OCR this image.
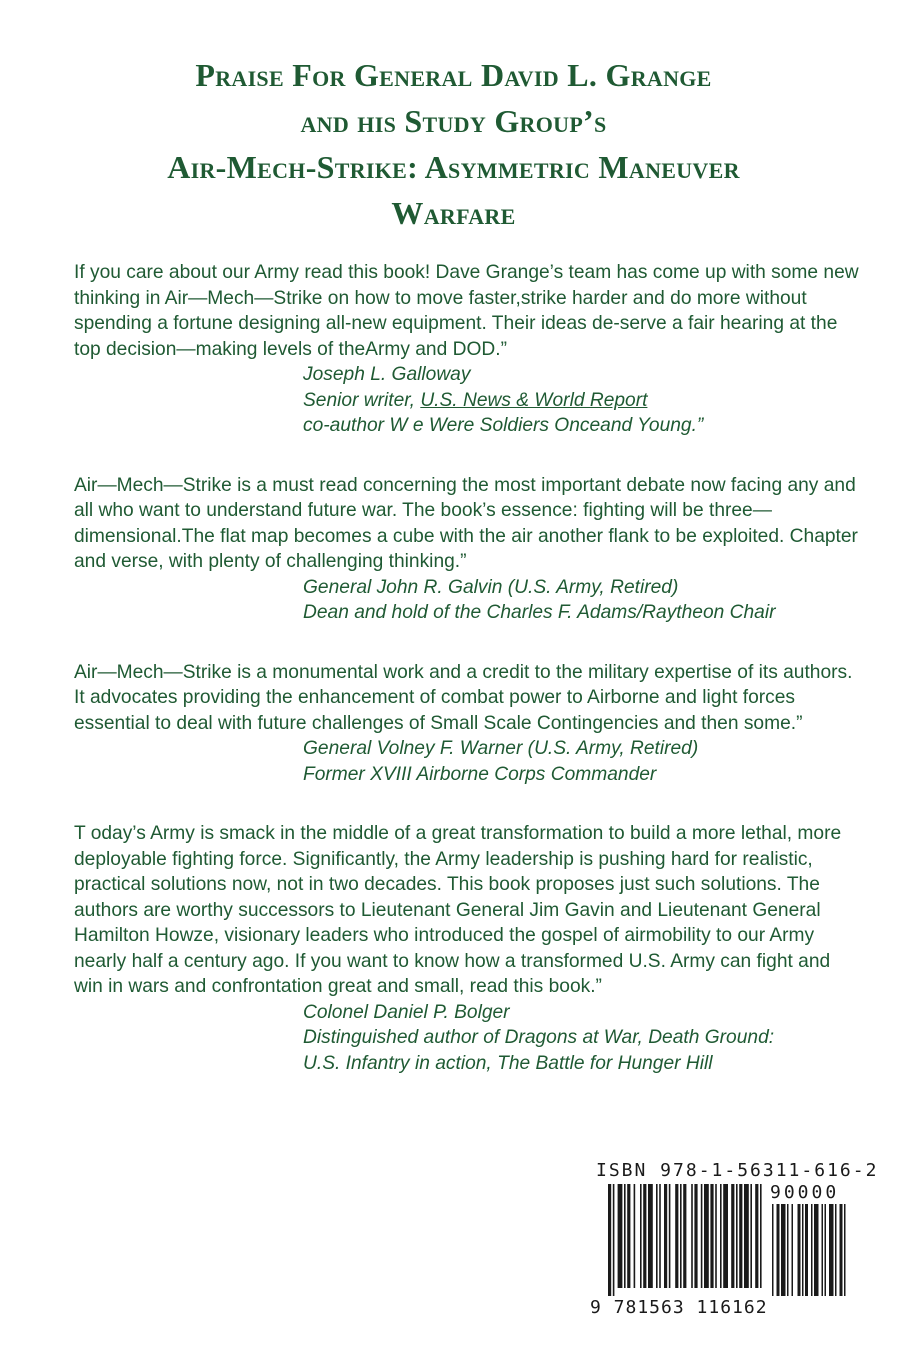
Praise For General David L. Grange
and his Study Group’s
Air-Mech-Strike: Asymmetric Maneuver
Warfare

If you care about our Army read this book! Dave Grange’s team has come up with some new thinking in Air—Mech—Strike on how to move faster,strike harder and do more without spending a fortune designing all-new equipment. Their ideas de-serve a fair hearing at the top decision—making levels of theArmy and DOD.”

Joseph L. Galloway
Senior writer, U.S. News & World Report
co-author W e Were Soldiers Onceand Young.”

Air—Mech—Strike is a must read concerning the most important debate now facing any and all who want to understand future war. The book’s essence: fighting will be three—dimensional.The flat map becomes a cube with the air another flank to be exploited. Chapter and verse, with plenty of challenging thinking.”

General John R. Galvin (U.S. Army, Retired)
Dean and hold of the Charles F. Adams/Raytheon Chair

Air—Mech—Strike is a monumental work and a credit to the military expertise of its authors. It advocates providing the enhancement of combat power to Airborne and light forces essential to deal with future challenges of Small Scale Contingencies and then some.”

General Volney F. Warner (U.S. Army, Retired)
Former XVIII Airborne Corps Commander

T oday’s Army is smack in the middle of a great transformation to build a more lethal, more deployable fighting force. Significantly, the Army leadership is pushing hard for realistic, practical solutions now, not in two decades. This book proposes just such solutions. The authors are worthy successors to Lieutenant General Jim Gavin and Lieutenant General Hamilton Howze, visionary leaders who introduced the gospel of airmobility to our Army nearly half a century ago. If you want to know how a transformed U.S. Army can fight and win in wars and confrontation great and small, read this book.”

Colonel Daniel P. Bolger
Distinguished author of Dragons at War, Death Ground:
U.S. Infantry in action, The Battle for Hunger Hill
ISBN 978-1-56311-616-2
90000
9 781563 116162
